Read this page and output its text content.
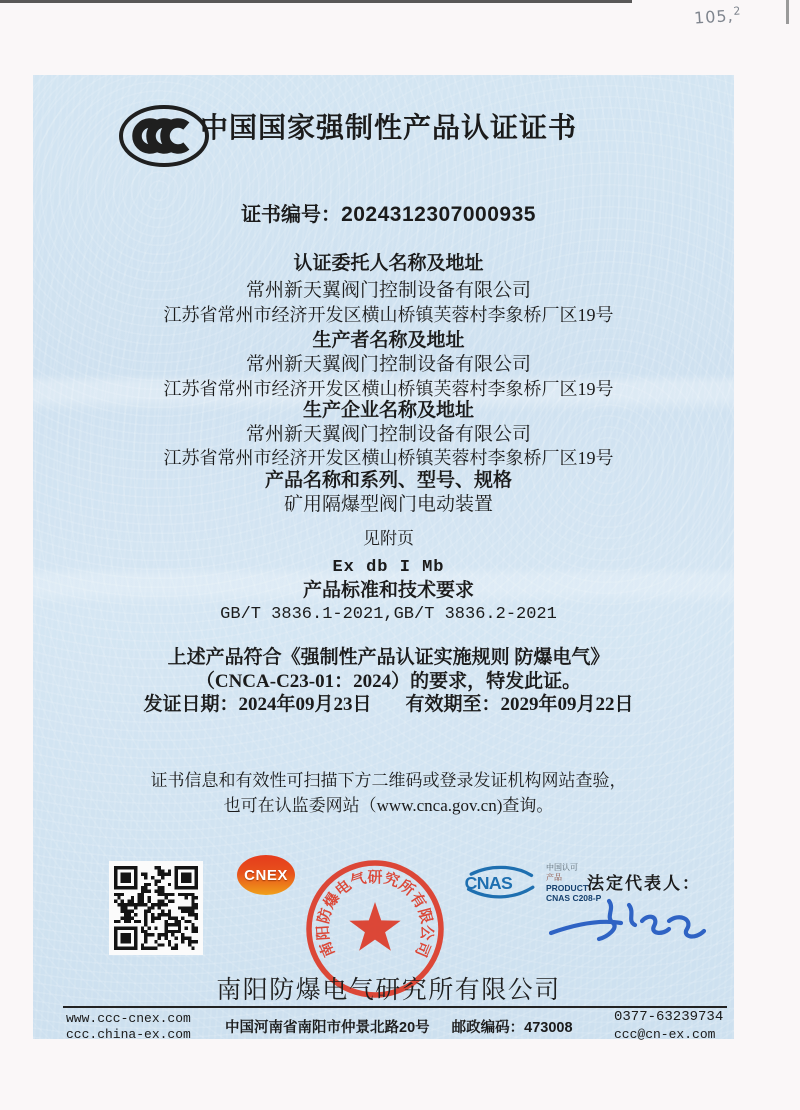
105,$^2$
中国国家强制性产品认证证书
证书编号：2024312307000935
认证委托人名称及地址
常州新天翼阀门控制设备有限公司
江苏省常州市经济开发区横山桥镇芙蓉村李象桥厂区19号
生产者名称及地址
常州新天翼阀门控制设备有限公司
江苏省常州市经济开发区横山桥镇芙蓉村李象桥厂区19号
生产企业名称及地址
常州新天翼阀门控制设备有限公司
江苏省常州市经济开发区横山桥镇芙蓉村李象桥厂区19号
产品名称和系列、型号、规格
矿用隔爆型阀门电动装置
见附页
Ex db I Mb
产品标准和技术要求
GB/T 3836.1-2021,GB/T 3836.2-2021
上述产品符合《强制性产品认证实施规则 防爆电气》
（CNCA-C23-01：2024）的要求，特发此证。
发证日期：2024年09月23日 有效期至：2029年09月22日
证书信息和有效性可扫描下方二维码或登录发证机构网站查验，
也可在认监委网站（www.cnca.gov.cn)查询。
CNEX
南
阳
防
爆
电
气 研 究
所
有
限
公
司
CNAS
中国认可
产品
PRODUCT
CNAS C208-P
法定代表人：
南阳防爆电气研究所有限公司
www.ccc-cnex.com
ccc.china-ex.com 中国河南省南阳市仲景北路20号 邮政编码：473008
0377-63239734
ccc@cn-ex.com
